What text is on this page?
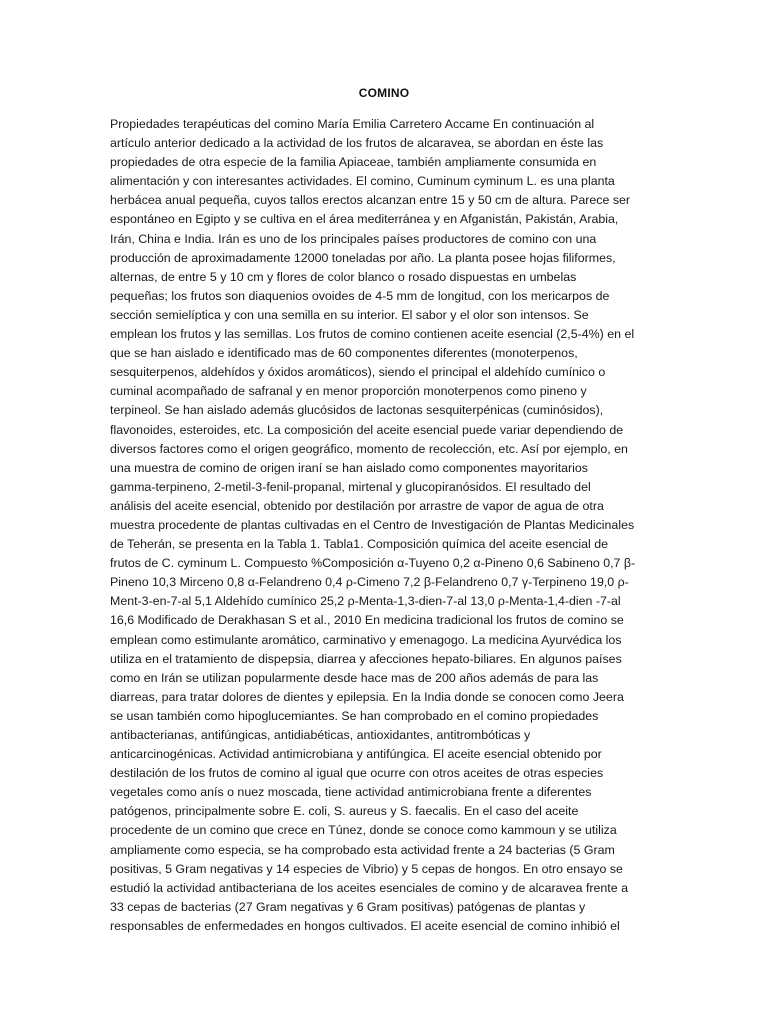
COMINO
Propiedades terapéuticas del comino María Emilia Carretero Accame En continuación al
artículo anterior dedicado a la actividad de los frutos de alcaravea, se abordan en éste las
propiedades de otra especie de la familia Apiaceae, también ampliamente consumida en
alimentación y con interesantes actividades. El comino, Cuminum cyminum L. es una planta
herbácea anual pequeña, cuyos tallos erectos alcanzan entre 15 y 50 cm de altura. Parece ser
espontáneo en Egipto y se cultiva en el área mediterránea y en Afganistán, Pakistán, Arabia,
Irán, China e India. Irán es uno de los principales países productores de comino con una
producción de aproximadamente 12000 toneladas por año. La planta posee hojas filiformes,
alternas, de entre 5 y 10 cm y flores de color blanco o rosado dispuestas en umbelas
pequeñas; los frutos son diaquenios ovoides de 4-5 mm de longitud, con los mericarpos de
sección semielíptica y con una semilla en su interior. El sabor y el olor son intensos. Se
emplean los frutos y las semillas. Los frutos de comino contienen aceite esencial (2,5-4%) en el
que se han aislado e identificado mas de 60 componentes diferentes (monoterpenos,
sesquiterpenos, aldehídos y óxidos aromáticos), siendo el principal el aldehído cumínico o
cuminal acompañado de safranal y en menor proporción monoterpenos como pineno y
terpineol. Se han aislado además glucósidos de lactonas sesquiterpénicas (cuminósidos),
flavonoides, esteroides, etc. La composición del aceite esencial puede variar dependiendo de
diversos factores como el origen geográfico, momento de recolección, etc. Así por ejemplo, en
una muestra de comino de origen iraní se han aislado como componentes mayoritarios
gamma-terpineno, 2-metil-3-fenil-propanal, mirtenal y glucopiranósidos. El resultado del
análisis del aceite esencial, obtenido por destilación por arrastre de vapor de agua de otra
muestra procedente de plantas cultivadas en el Centro de Investigación de Plantas Medicinales
de Teherán, se presenta en la Tabla 1. Tabla1. Composición química del aceite esencial de
frutos de C. cyminum L. Compuesto %Composición α-Tuyeno 0,2 α-Pineno 0,6 Sabineno 0,7 β-
Pineno 10,3 Mirceno 0,8 α-Felandreno 0,4 ρ-Cimeno 7,2 β-Felandreno 0,7 γ-Terpineno 19,0 ρ-
Ment-3-en-7-al 5,1 Aldehído cumínico 25,2 ρ-Menta-1,3-dien-7-al 13,0 ρ-Menta-1,4-dien -7-al
16,6 Modificado de Derakhasan S et al., 2010 En medicina tradicional los frutos de comino se
emplean como estimulante aromático, carminativo y emenagogo. La medicina Ayurvédica los
utiliza en el tratamiento de dispepsia, diarrea y afecciones hepato-biliares. En algunos países
como en Irán se utilizan popularmente desde hace mas de 200 años además de para las
diarreas, para tratar dolores de dientes y epilepsia. En la India donde se conocen como Jeera
se usan también como hipoglucemiantes. Se han comprobado en el comino propiedades
antibacterianas, antifúngicas, antidiabéticas, antioxidantes, antitrombóticas y
anticarcinogénicas. Actividad antimicrobiana y antifúngica. El aceite esencial obtenido por
destilación de los frutos de comino al igual que ocurre con otros aceites de otras especies
vegetales como anís o nuez moscada, tiene actividad antimicrobiana frente a diferentes
patógenos, principalmente sobre E. coli, S. aureus y S. faecalis. En el caso del aceite
procedente de un comino que crece en Túnez, donde se conoce como kammoun y se utiliza
ampliamente como especia, se ha comprobado esta actividad frente a 24 bacterias (5 Gram
positivas, 5 Gram negativas y 14 especies de Vibrio) y 5 cepas de hongos. En otro ensayo se
estudió la actividad antibacteriana de los aceites esenciales de comino y de alcaravea frente a
33 cepas de bacterias (27 Gram negativas y 6 Gram positivas) patógenas de plantas y
responsables de enfermedades en hongos cultivados. El aceite esencial de comino inhibió el
